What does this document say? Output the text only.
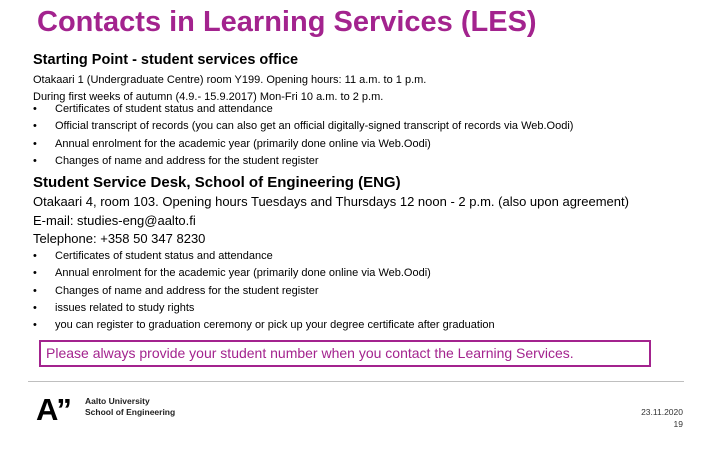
Contacts in Learning Services (LES)
Starting Point - student services office
Otakaari 1 (Undergraduate Centre) room Y199. Opening hours: 11 a.m. to 1 p.m.
During first weeks of autumn (4.9.- 15.9.2017) Mon-Fri 10 a.m. to 2 p.m.
• Certificates of student status and attendance
• Official transcript of records (you can also get an official digitally-signed transcript of records via Web.Oodi)
• Annual enrolment for the academic year (primarily done online via Web.Oodi)
• Changes of name and address for the student register
Student Service Desk, School of Engineering (ENG)
Otakaari 4, room 103. Opening hours Tuesdays and Thursdays 12 noon - 2 p.m. (also upon agreement)
E-mail: studies-eng@aalto.fi
Telephone: +358 50 347 8230
• Certificates of student status and attendance
• Annual enrolment for the academic year (primarily done online via Web.Oodi)
• Changes of name and address for the student register
• issues related to study rights
• you can register to graduation ceremony or pick up your degree certificate after graduation
Please always provide your student number when you contact the Learning Services.
A” Aalto University
School of Engineering	23.11.2020
19
